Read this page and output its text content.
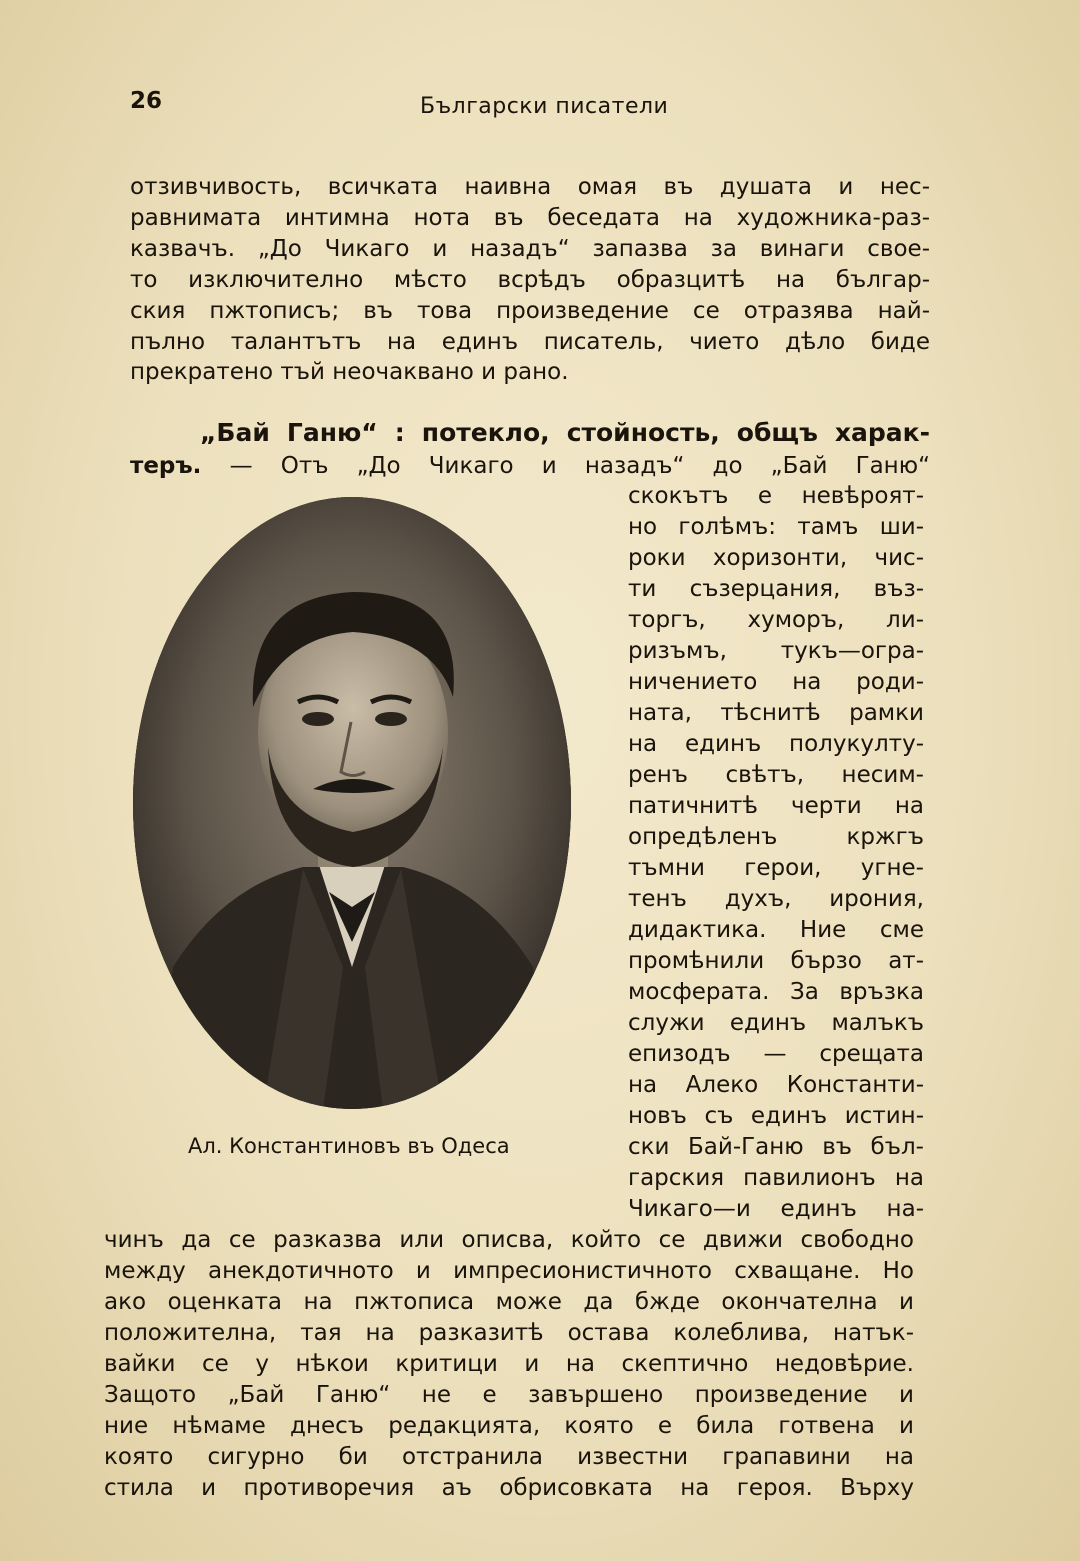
26	Български писатели
отзивчивость, всичката наивна омая въ душата и нес-
равнимата интимна нота въ беседата на художника-раз-
казвачъ. „До Чикаго и назадъ“ запазва за винаги свое-
то изключително мѣсто всрѣдъ образцитѣ на българ-
ския пжтописъ; въ това произведение се отразява най-
пълно талантътъ на единъ писатель, чието дѣло биде
прекратено тъй неочаквано и рано.
„Бай Ганю“ : потекло, стойность, общъ харак-
теръ. — Отъ „До Чикаго и назадъ“ до „Бай Ганю“
Ал. Константиновъ въ Одеса
скокътъ е невѣроят-
но голѣмъ: тамъ ши-
роки хоризонти, чис-
ти съзерцания, въз-
торгъ, хуморъ, ли-
ризъмъ, тукъ—огра-
ничението на роди-
ната, тѣснитѣ рамки
на единъ полукулту-
ренъ свѣтъ, несим-
патичнитѣ черти на
опредѣленъ кржгъ
тъмни герои, угне-
тенъ духъ, ирония,
дидактика. Ние сме
промѣнили бързо ат-
мосферата. За връзка
служи единъ малъкъ
епизодъ — срещата
на Алеко Константи-
новъ съ единъ истин-
ски Бай-Ганю въ бъл-
гарския павилионъ на
Чикаго—и единъ на-
чинъ да се разказва или описва, който се движи свободно
между анекдотичното и импресионистичното схващане. Но
ако оценката на пжтописа може да бжде окончателна и
положителна, тая на разказитѣ остава колеблива, натък-
вайки се у нѣкои критици и на скептично недовѣрие.
Защото „Бай Ганю“ не е завършено произведение и
ние нѣмаме днесъ редакцията, която е била готвена и
която сигурно би отстранила известни грапавини на
стила и противоречия аъ обрисовката на героя. Върху
